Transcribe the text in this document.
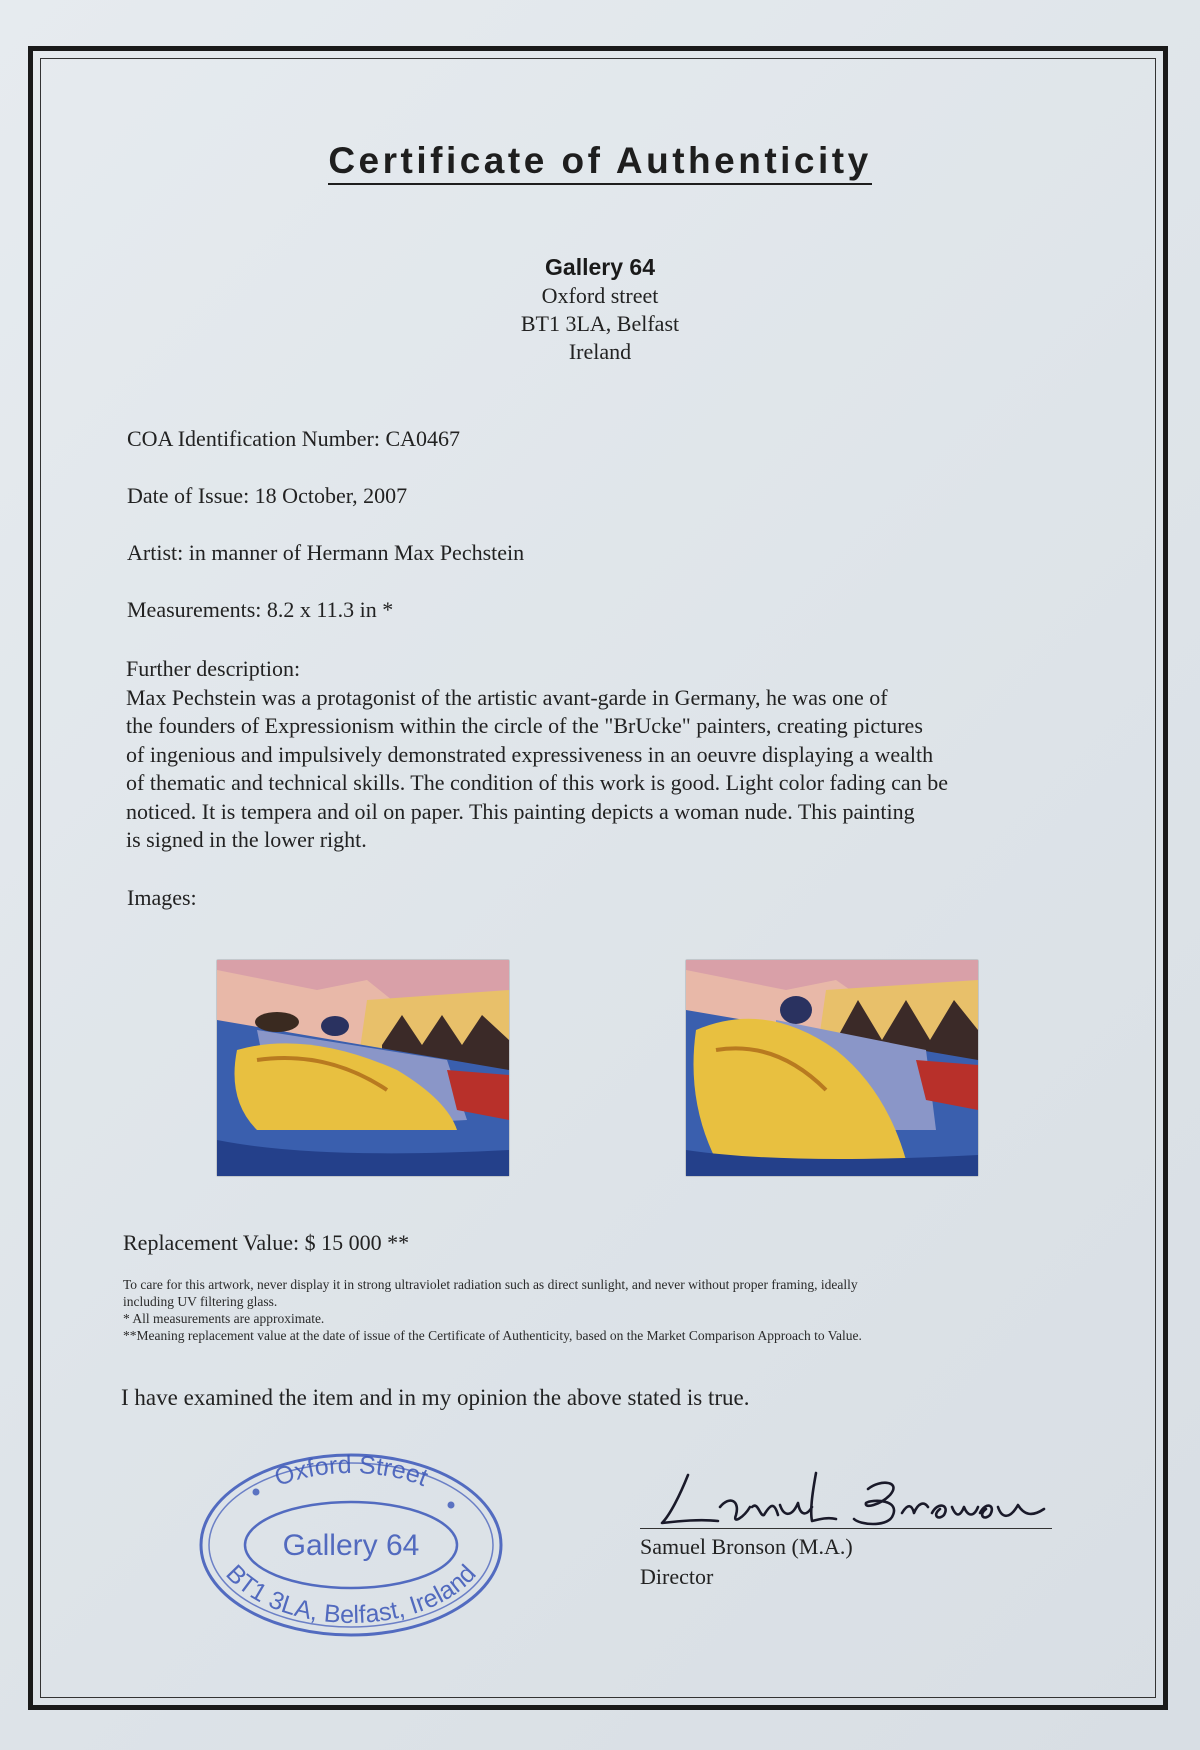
Certificate of Authenticity
Gallery 64
Oxford street
BT1 3LA, Belfast
Ireland
COA Identification Number: CA0467
Date of Issue: 18 October, 2007
Artist: in manner of Hermann Max Pechstein
Measurements: 8.2 x 11.3 in *
Further description:
Max Pechstein was a protagonist of the artistic avant-garde in Germany, he was one of
the founders of Expressionism within the circle of the "BrUcke" painters, creating pictures
of ingenious and impulsively demonstrated expressiveness in an oeuvre displaying a wealth
of thematic and technical skills. The condition of this work is good. Light color fading can be
noticed. It is tempera and oil on paper. This painting depicts a woman nude. This painting
is signed in the lower right.
Images:
Replacement Value: $ 15 000 **
To care for this artwork, never display it in strong ultraviolet radiation such as direct sunlight, and never without proper framing, ideally
including UV filtering glass.
* All measurements are approximate.
**Meaning replacement value at the date of issue of the Certificate of Authenticity, based on the Market Comparison Approach to Value.
I have examined the item and in my opinion the above stated is true.
Oxford Street
Gallery 64
BT1 3LA, Belfast, Ireland
Samuel Bronson (M.A.)
Director
